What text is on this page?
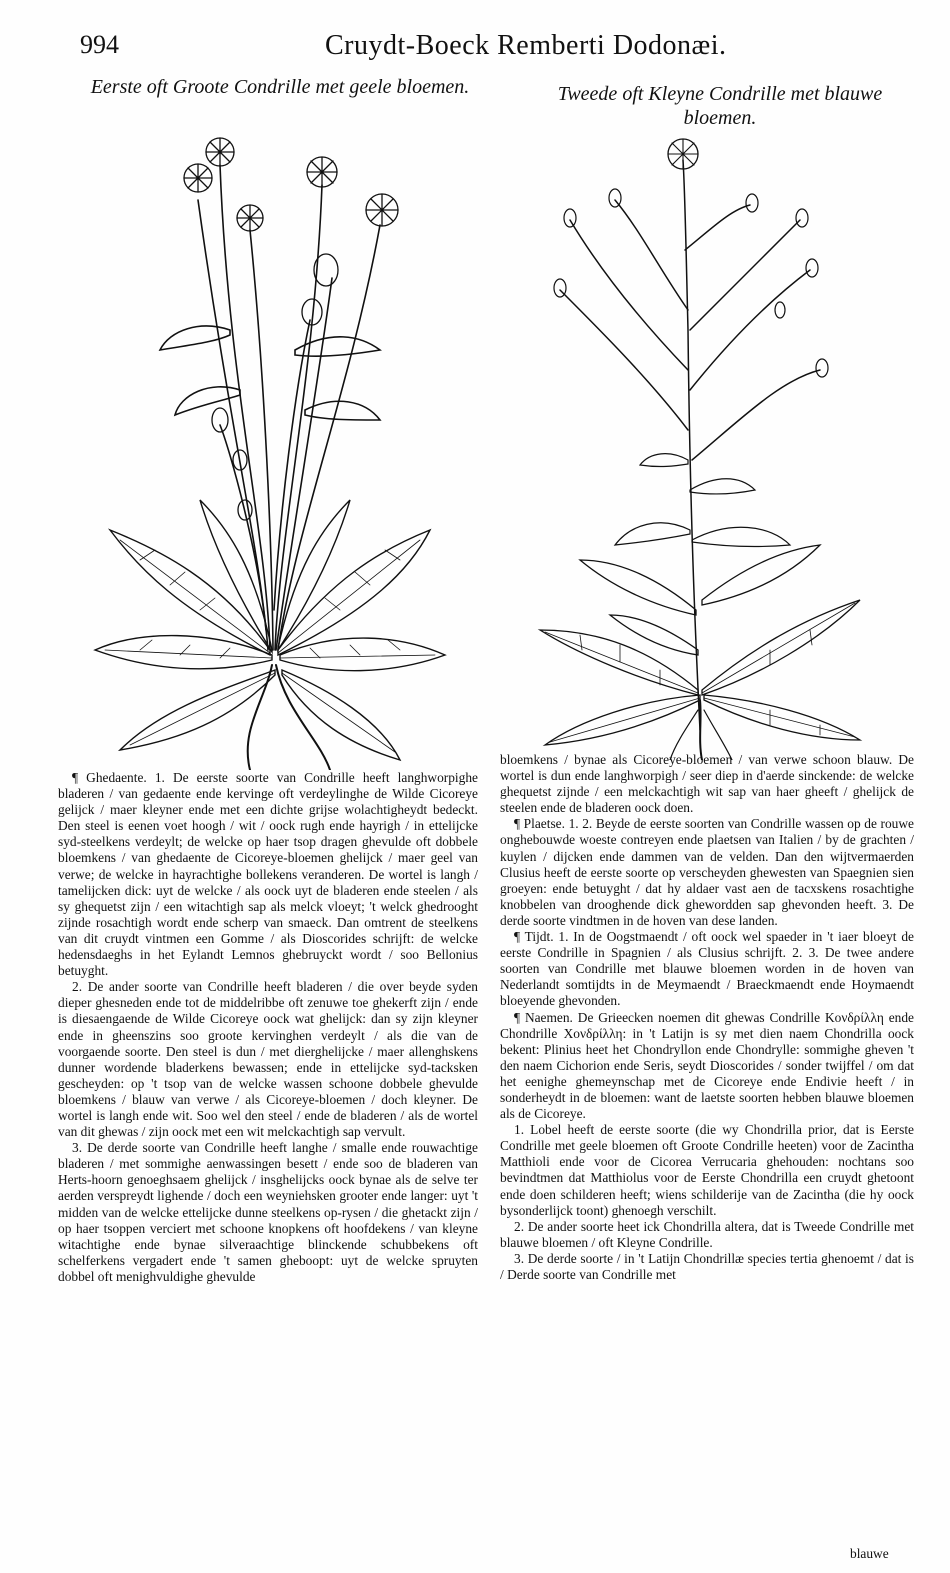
994	Cruydt-Boeck Remberti Dodonæi.
Eerste oft Groote Condrille met geele bloemen.	Tweede oft Kleyne Condrille met blauwe bloemen.

¶ Ghedaente. 1. De eerste soorte van Condrille heeft langhworpighe bladeren / van gedaente ende kervinge oft verdeylinghe de Wilde Cicoreye gelijck / maer kleyner ende met een dichte grijse wolachtigheydt bedeckt. Den steel is eenen voet hoogh / wit / oock rugh ende hayrigh / in ettelijcke syd-steelkens verdeylt; de welcke op haer tsop dragen ghevulde oft dobbele bloemkens / van ghedaente de Cicoreye-bloemen ghelijck / maer geel van verwe; de welcke in hayrachtighe bollekens veranderen. De wortel is langh / tamelijcken dick: uyt de welcke / als oock uyt de bladeren ende steelen / als sy ghequetst zijn / een witachtigh sap als melck vloeyt; 't welck ghedrooght zijnde rosachtigh wordt ende scherp van smaeck. Dan omtrent de steelkens van dit cruydt vintmen een Gomme / als Dioscorides schrijft: de welcke hedensdaeghs in het Eylandt Lemnos ghebruyckt wordt / soo Bellonius betuyght.

2. De ander soorte van Condrille heeft bladeren / die over beyde syden dieper ghesneden ende tot de middelribbe oft zenuwe toe ghekerft zijn / ende is diesaengaende de Wilde Cicoreye oock wat ghelijck: dan sy zijn kleyner ende in gheenszins soo groote kervinghen verdeylt / als die van de voorgaende soorte. Den steel is dun / met dierghelijcke / maer allenghskens dunner wordende bladerkens bewassen; ende in ettelijcke syd-tacksken gescheyden: op 't tsop van de welcke wassen schoone dobbele ghevulde bloemkens / blauw van verwe / als Cicoreye-bloemen / doch kleyner. De wortel is langh ende wit. Soo wel den steel / ende de bladeren / als de wortel van dit ghewas / zijn oock met een wit melckachtigh sap vervult.

3. De derde soorte van Condrille heeft langhe / smalle ende rouwachtige bladeren / met sommighe aenwassingen besett / ende soo de bladeren van Herts-hoorn genoeghsaem ghelijck / insghelijcks oock bynae als de selve ter aerden verspreydt lighende / doch een weyniehsken grooter ende langer: uyt 't midden van de welcke ettelijcke dunne steelkens op-rysen / die ghetackt zijn / op haer tsoppen verciert met schoone knopkens oft hoofdekens / van kleyne witachtighe ende bynae silveraachtige blinckende schubbekens oft schelferkens vergadert ende 't samen gheboopt: uyt de welcke spruyten dobbel oft menighvuldighe ghevulde

bloemkens / bynae als Cicoreye-bloemen / van verwe schoon blauw. De wortel is dun ende langhworpigh / seer diep in d'aerde sinckende: de welcke ghequetst zijnde / een melckachtigh wit sap van haer gheeft / ghelijck de steelen ende de bladeren oock doen.

¶ Plaetse. 1. 2. Beyde de eerste soorten van Condrille wassen op de rouwe onghebouwde woeste contreyen ende plaetsen van Italien / by de grachten / kuylen / dijcken ende dammen van de velden. Dan den wijtvermaerden Clusius heeft de eerste soorte op verscheyden ghewesten van Spaegnien sien groeyen: ende betuyght / dat hy aldaer vast aen de tacxskens rosachtighe knobbelen van drooghende dick ghewordden sap ghevonden heeft. 3. De derde soorte vindtmen in de hoven van dese landen.

¶ Tijdt. 1. In de Oogstmaendt / oft oock wel spaeder in 't iaer bloeyt de eerste Condrille in Spagnien / als Clusius schrijft. 2. 3. De twee andere soorten van Condrille met blauwe bloemen worden in de hoven van Nederlandt somtijdts in de Meymaendt / Braeckmaendt ende Hoymaendt bloeyende ghevonden.

¶ Naemen. De Grieecken noemen dit ghewas Condrille Κονδρίλλη ende Chondrille Χονδρίλλη: in 't Latijn is sy met dien naem Chondrilla oock bekent: Plinius heet het Chondryllon ende Chondrylle: sommighe gheven 't den naem Cichorion ende Seris, seydt Dioscorides / sonder twijffel / om dat het eenighe ghemeynschap met de Cicoreye ende Endivie heeft / in sonderheydt in de bloemen: want de laetste soorten hebben blauwe bloemen als de Cicoreye.

1. Lobel heeft de eerste soorte (die wy Chondrilla prior, dat is Eerste Condrille met geele bloemen oft Groote Condrille heeten) voor de Zacintha Matthioli ende voor de Cicorea Verrucaria ghehouden: nochtans soo bevindtmen dat Matthiolus voor de Eerste Chondrilla een cruydt ghetoont ende doen schilderen heeft; wiens schilderije van de Zacintha (die hy oock bysonderlijck toont) ghenoegh verschilt.

2. De ander soorte heet ick Chondrilla altera, dat is Tweede Condrille met blauwe bloemen / oft Kleyne Condrille.

3. De derde soorte / in 't Latijn Chondrillæ species tertia ghenoemt / dat is / Derde soorte van Condrille met

blauwe
